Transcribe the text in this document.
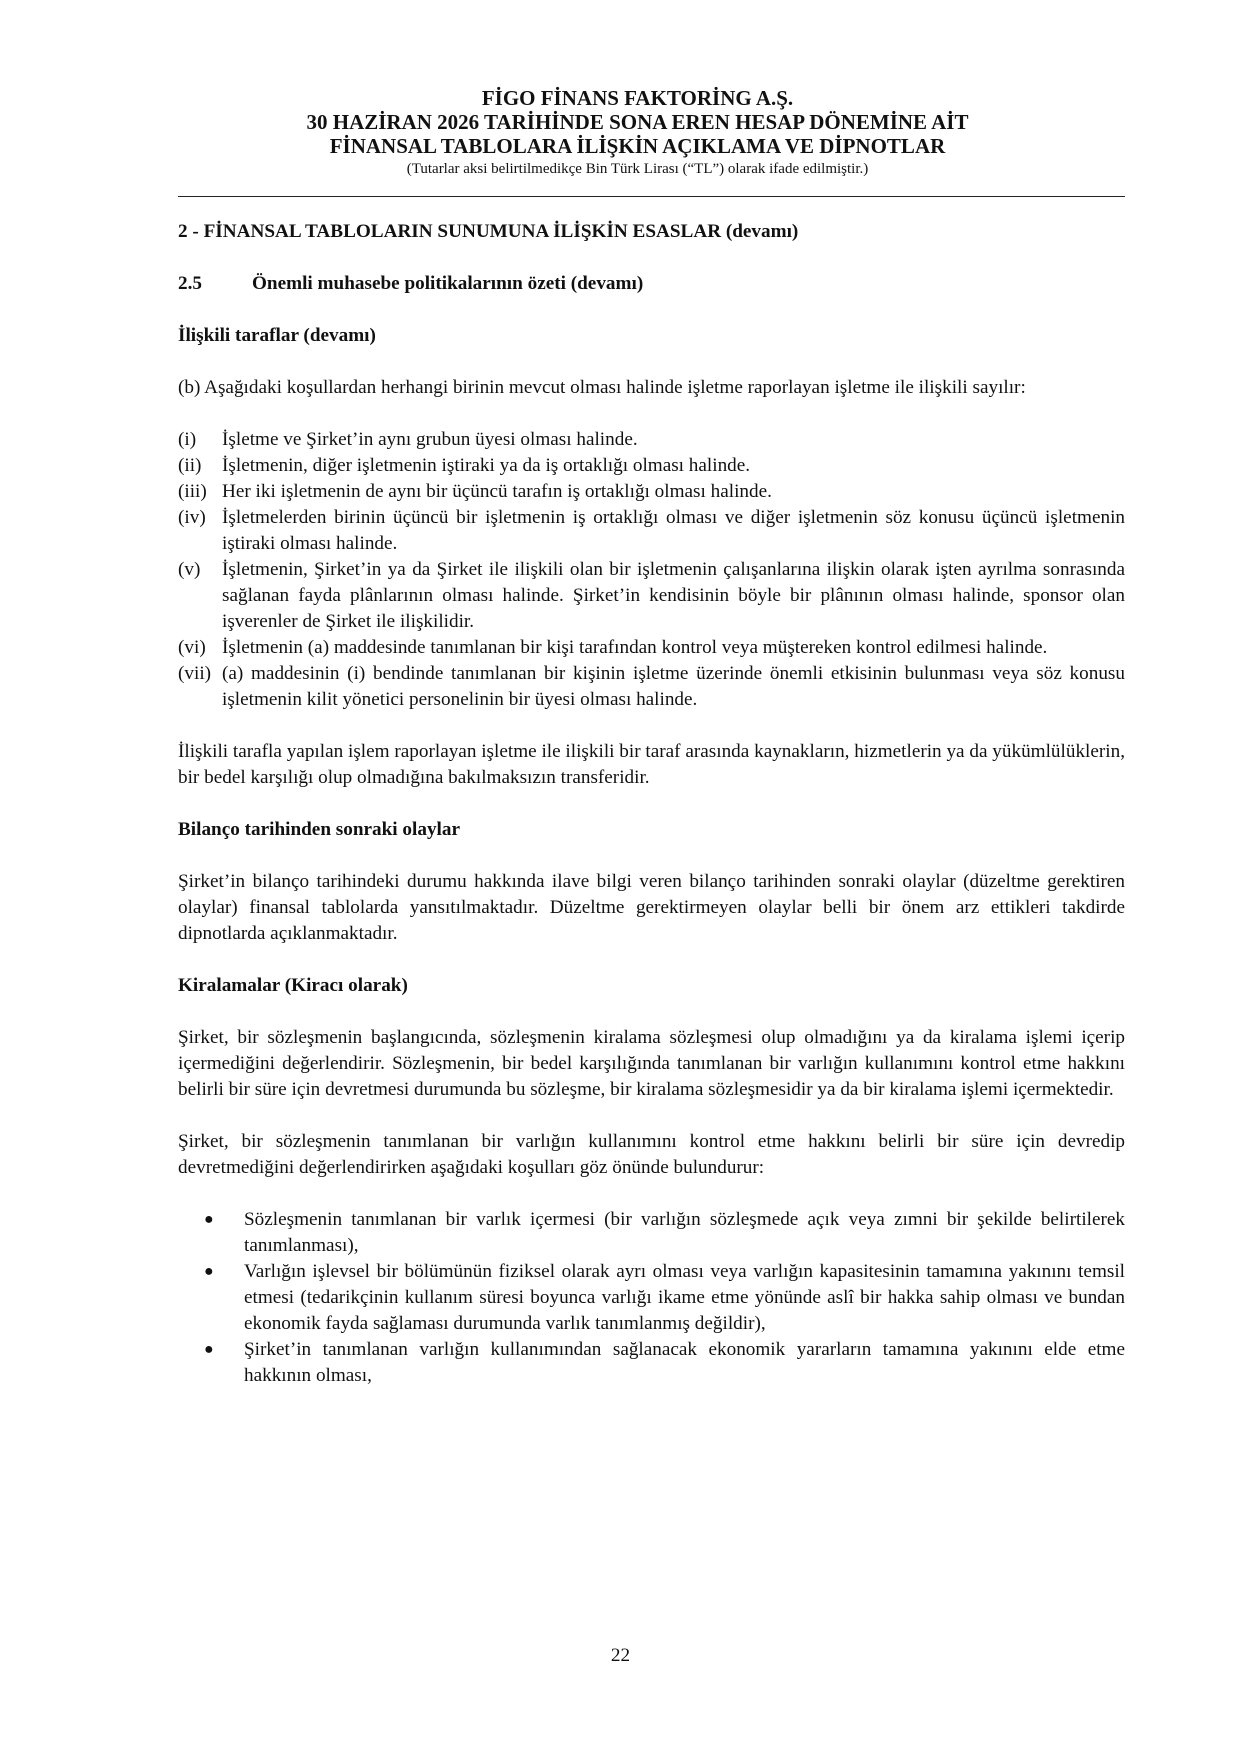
FİGO FİNANS FAKTORİNG A.Ş.
30 HAZİRAN 2026 TARİHİNDE SONA EREN HESAP DÖNEMİNE AİT
FİNANSAL TABLOLARA İLİŞKİN AÇIKLAMA VE DİPNOTLAR
(Tutarlar aksi belirtilmedikçe Bin Türk Lirası (“TL”) olarak ifade edilmiştir.)

2 - FİNANSAL TABLOLARIN SUNUMUNA İLİŞKİN ESASLAR (devamı)

2.5	Önemli muhasebe politikalarının özeti (devamı)

İlişkili taraflar (devamı)

(b) Aşağıdaki koşullardan herhangi birinin mevcut olması halinde işletme raporlayan işletme ile ilişkili sayılır:

(i)	İşletme ve Şirket’in aynı grubun üyesi olması halinde.
(ii)	İşletmenin, diğer işletmenin iştiraki ya da iş ortaklığı olması halinde.
(iii) Her iki işletmenin de aynı bir üçüncü tarafın iş ortaklığı olması halinde.
(iv) İşletmelerden birinin üçüncü bir işletmenin iş ortaklığı olması ve diğer işletmenin söz konusu üçüncü işletmenin iştiraki olması halinde.
(v)	İşletmenin, Şirket’in ya da Şirket ile ilişkili olan bir işletmenin çalışanlarına ilişkin olarak işten ayrılma sonrasında sağlanan fayda plânlarının olması halinde. Şirket’in kendisinin böyle bir plânının olması halinde, sponsor olan işverenler de Şirket ile ilişkilidir.
(vi) İşletmenin (a) maddesinde tanımlanan bir kişi tarafından kontrol veya müştereken kontrol edilmesi halinde.
(vii) (a) maddesinin (i) bendinde tanımlanan bir kişinin işletme üzerinde önemli etkisinin bulunması veya söz konusu işletmenin kilit yönetici personelinin bir üyesi olması halinde.

İlişkili tarafla yapılan işlem raporlayan işletme ile ilişkili bir taraf arasında kaynakların, hizmetlerin ya da yükümlülüklerin, bir bedel karşılığı olup olmadığına bakılmaksızın transferidir.

Bilanço tarihinden sonraki olaylar

Şirket’in bilanço tarihindeki durumu hakkında ilave bilgi veren bilanço tarihinden sonraki olaylar (düzeltme gerektiren olaylar) finansal tablolarda yansıtılmaktadır. Düzeltme gerektirmeyen olaylar belli bir önem arz ettikleri takdirde dipnotlarda açıklanmaktadır.

Kiralamalar (Kiracı olarak)

Şirket, bir sözleşmenin başlangıcında, sözleşmenin kiralama sözleşmesi olup olmadığını ya da kiralama işlemi içerip içermediğini değerlendirir. Sözleşmenin, bir bedel karşılığında tanımlanan bir varlığın kullanımını kontrol etme hakkını belirli bir süre için devretmesi durumunda bu sözleşme, bir kiralama sözleşmesidir ya da bir kiralama işlemi içermektedir.

Şirket, bir sözleşmenin tanımlanan bir varlığın kullanımını kontrol etme hakkını belirli bir süre için devredip devretmediğini değerlendirirken aşağıdaki koşulları göz önünde bulundurur:

●	Sözleşmenin tanımlanan bir varlık içermesi (bir varlığın sözleşmede açık veya zımni bir şekilde belirtilerek tanımlanması),
●	Varlığın işlevsel bir bölümünün fiziksel olarak ayrı olması veya varlığın kapasitesinin tamamına yakınını temsil etmesi (tedarikçinin kullanım süresi boyunca varlığı ikame etme yönünde aslî bir hakka sahip olması ve bundan ekonomik fayda sağlaması durumunda varlık tanımlanmış değildir),
●	Şirket’in tanımlanan varlığın kullanımından sağlanacak ekonomik yararların tamamına yakınını elde etme hakkının olması,
22
